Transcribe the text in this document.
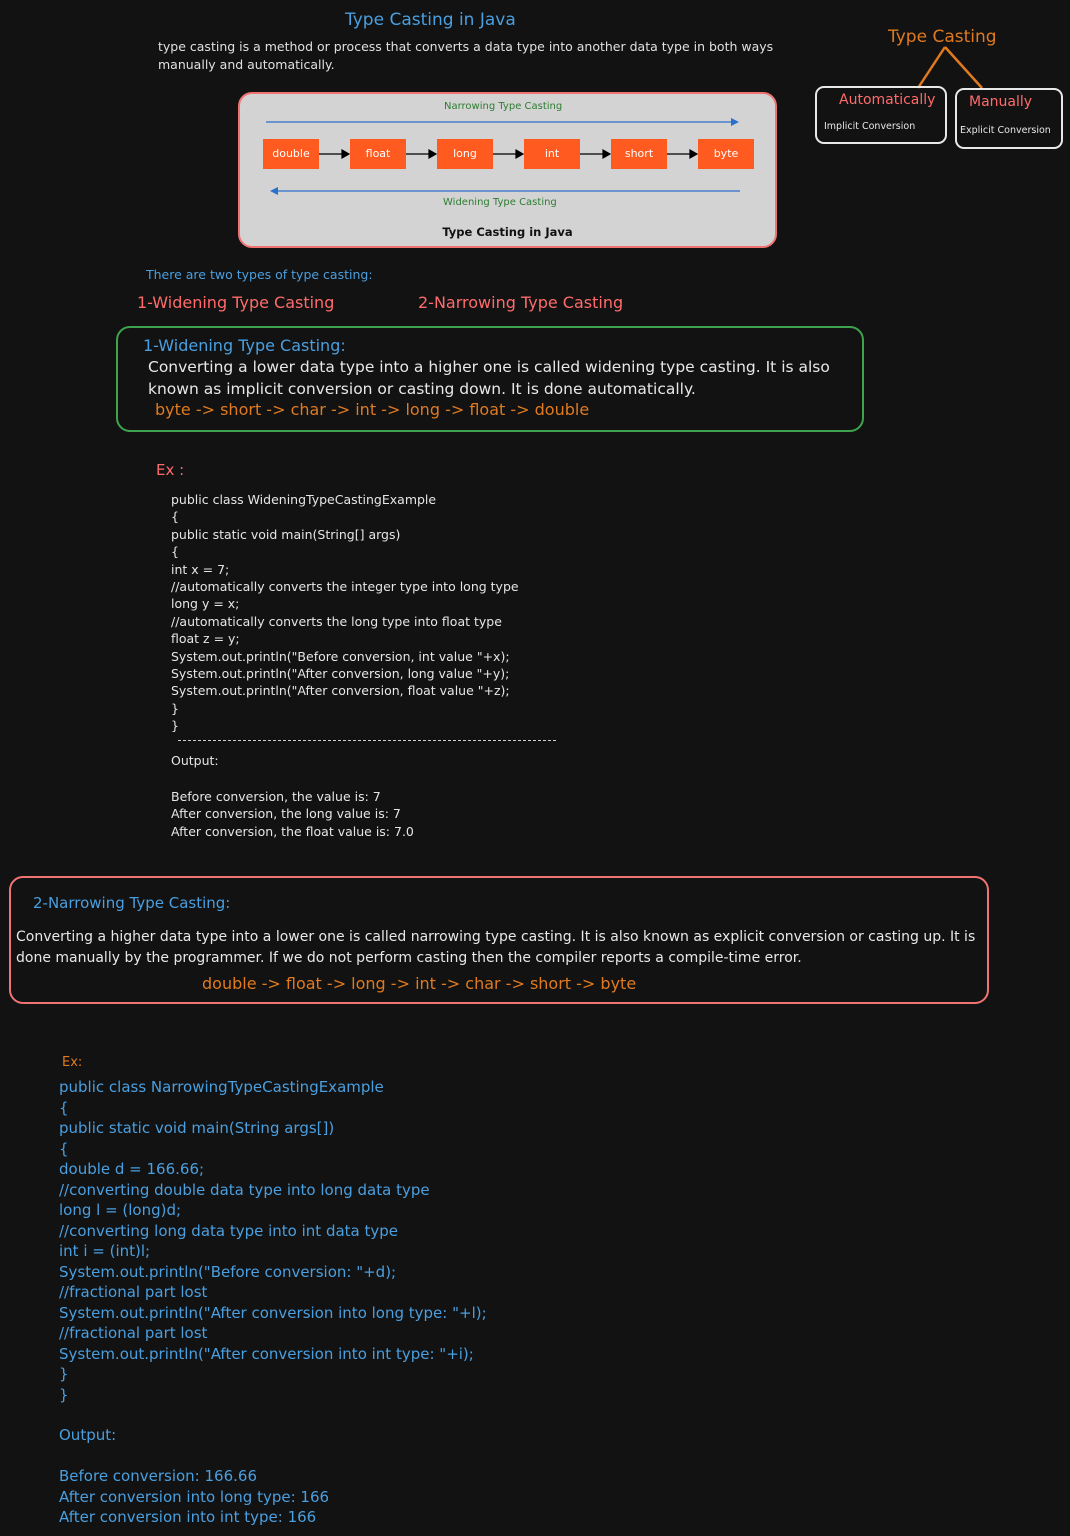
Type Casting in Java
type casting is a method or process that converts a data type into another data type in both ways manually and automatically.
Type Casting
Automatically
Implicit Conversion
Manually
Explicit Conversion
Narrowing Type Casting
double	float	long	int	short	byte
Widening Type Casting
Type Casting in Java
There are two types of type casting:
1-Widening Type Casting	2-Narrowing Type Casting
1-Widening Type Casting:
Converting a lower data type into a higher one is called widening type casting. It is also known as implicit conversion or casting down. It is done automatically.
byte -> short -> char -> int -> long -> float -> double
Ex :
public class WideningTypeCastingExample
{
public static void main(String[] args)
{
int x = 7;
//automatically converts the integer type into long type
long y = x;
//automatically converts the long type into float type
float z = y;
System.out.println("Before conversion, int value "+x);
System.out.println("After conversion, long value "+y);
System.out.println("After conversion, float value "+z);
}
}
Output:
Before conversion, the value is: 7
After conversion, the long value is: 7
After conversion, the float value is: 7.0
2-Narrowing Type Casting:
Converting a higher data type into a lower one is called narrowing type casting. It is also known as explicit conversion or casting up. It is done manually by the programmer. If we do not perform casting then the compiler reports a compile-time error.
double -> float -> long -> int -> char -> short -> byte
Ex:
public class NarrowingTypeCastingExample
{
public static void main(String args[])
{
double d = 166.66;
//converting double data type into long data type
long l = (long)d;
//converting long data type into int data type
int i = (int)l;
System.out.println("Before conversion: "+d);
//fractional part lost
System.out.println("After conversion into long type: "+l);
//fractional part lost
System.out.println("After conversion into int type: "+i);
}
}
Output:
Before conversion: 166.66
After conversion into long type: 166
After conversion into int type: 166
